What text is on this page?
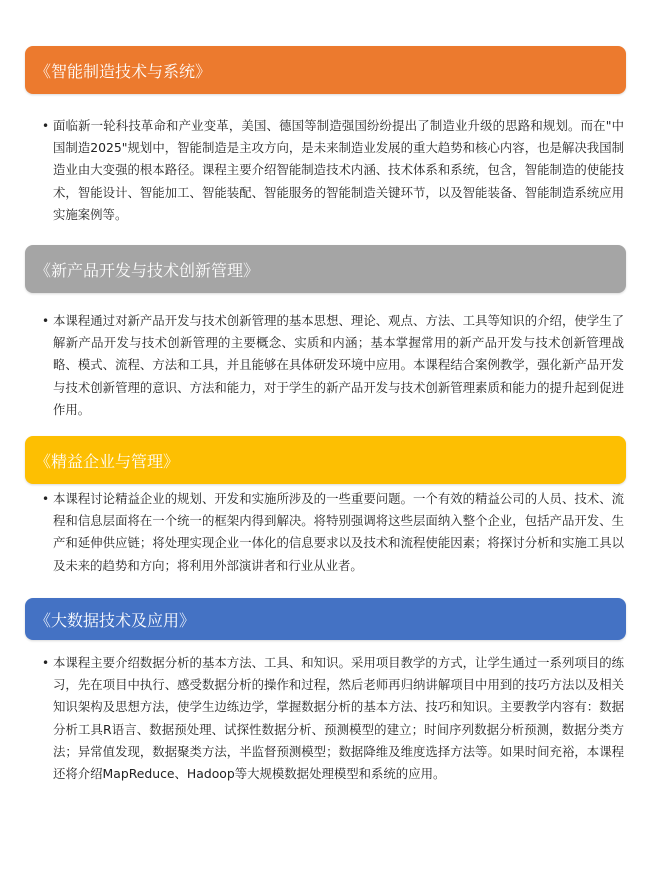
《智能制造技术与系统》
• 面临新一轮科技革命和产业变革，美国、德国等制造强国纷纷提出了制造业升级的思路和规划。而在"中国制造2025"规划中，智能制造是主攻方向，是未来制造业发展的重大趋势和核心内容，也是解决我国制造业由大变强的根本路径。课程主要介绍智能制造技术内涵、技术体系和系统，包含，智能制造的使能技术，智能设计、智能加工、智能装配、智能服务的智能制造关键环节，以及智能装备、智能制造系统应用实施案例等。
《新产品开发与技术创新管理》
• 本课程通过对新产品开发与技术创新管理的基本思想、理论、观点、方法、工具等知识的介绍，使学生了解新产品开发与技术创新管理的主要概念、实质和内涵；基本掌握常用的新产品开发与技术创新管理战略、模式、流程、方法和工具，并且能够在具体研发环境中应用。本课程结合案例教学，强化新产品开发与技术创新管理的意识、方法和能力，对于学生的新产品开发与技术创新管理素质和能力的提升起到促进作用。
《精益企业与管理》
• 本课程讨论精益企业的规划、开发和实施所涉及的一些重要问题。一个有效的精益公司的人员、技术、流程和信息层面将在一个统一的框架内得到解决。将特别强调将这些层面纳入整个企业，包括产品开发、生产和延伸供应链；将处理实现企业一体化的信息要求以及技术和流程使能因素；将探讨分析和实施工具以及未来的趋势和方向；将利用外部演讲者和行业从业者。
《大数据技术及应用》
• 本课程主要介绍数据分析的基本方法、工具、和知识。采用项目教学的方式，让学生通过一系列项目的练习，先在项目中执行、感受数据分析的操作和过程，然后老师再归纳讲解项目中用到的技巧方法以及相关知识架构及思想方法，使学生边练边学，掌握数据分析的基本方法、技巧和知识。主要教学内容有：数据分析工具R语言、数据预处理、试探性数据分析、预测模型的建立；时间序列数据分析预测，数据分类方法；异常值发现，数据聚类方法，半监督预测模型；数据降维及维度选择方法等。如果时间充裕，本课程还将介绍MapReduce、Hadoop等大规模数据处理模型和系统的应用。
